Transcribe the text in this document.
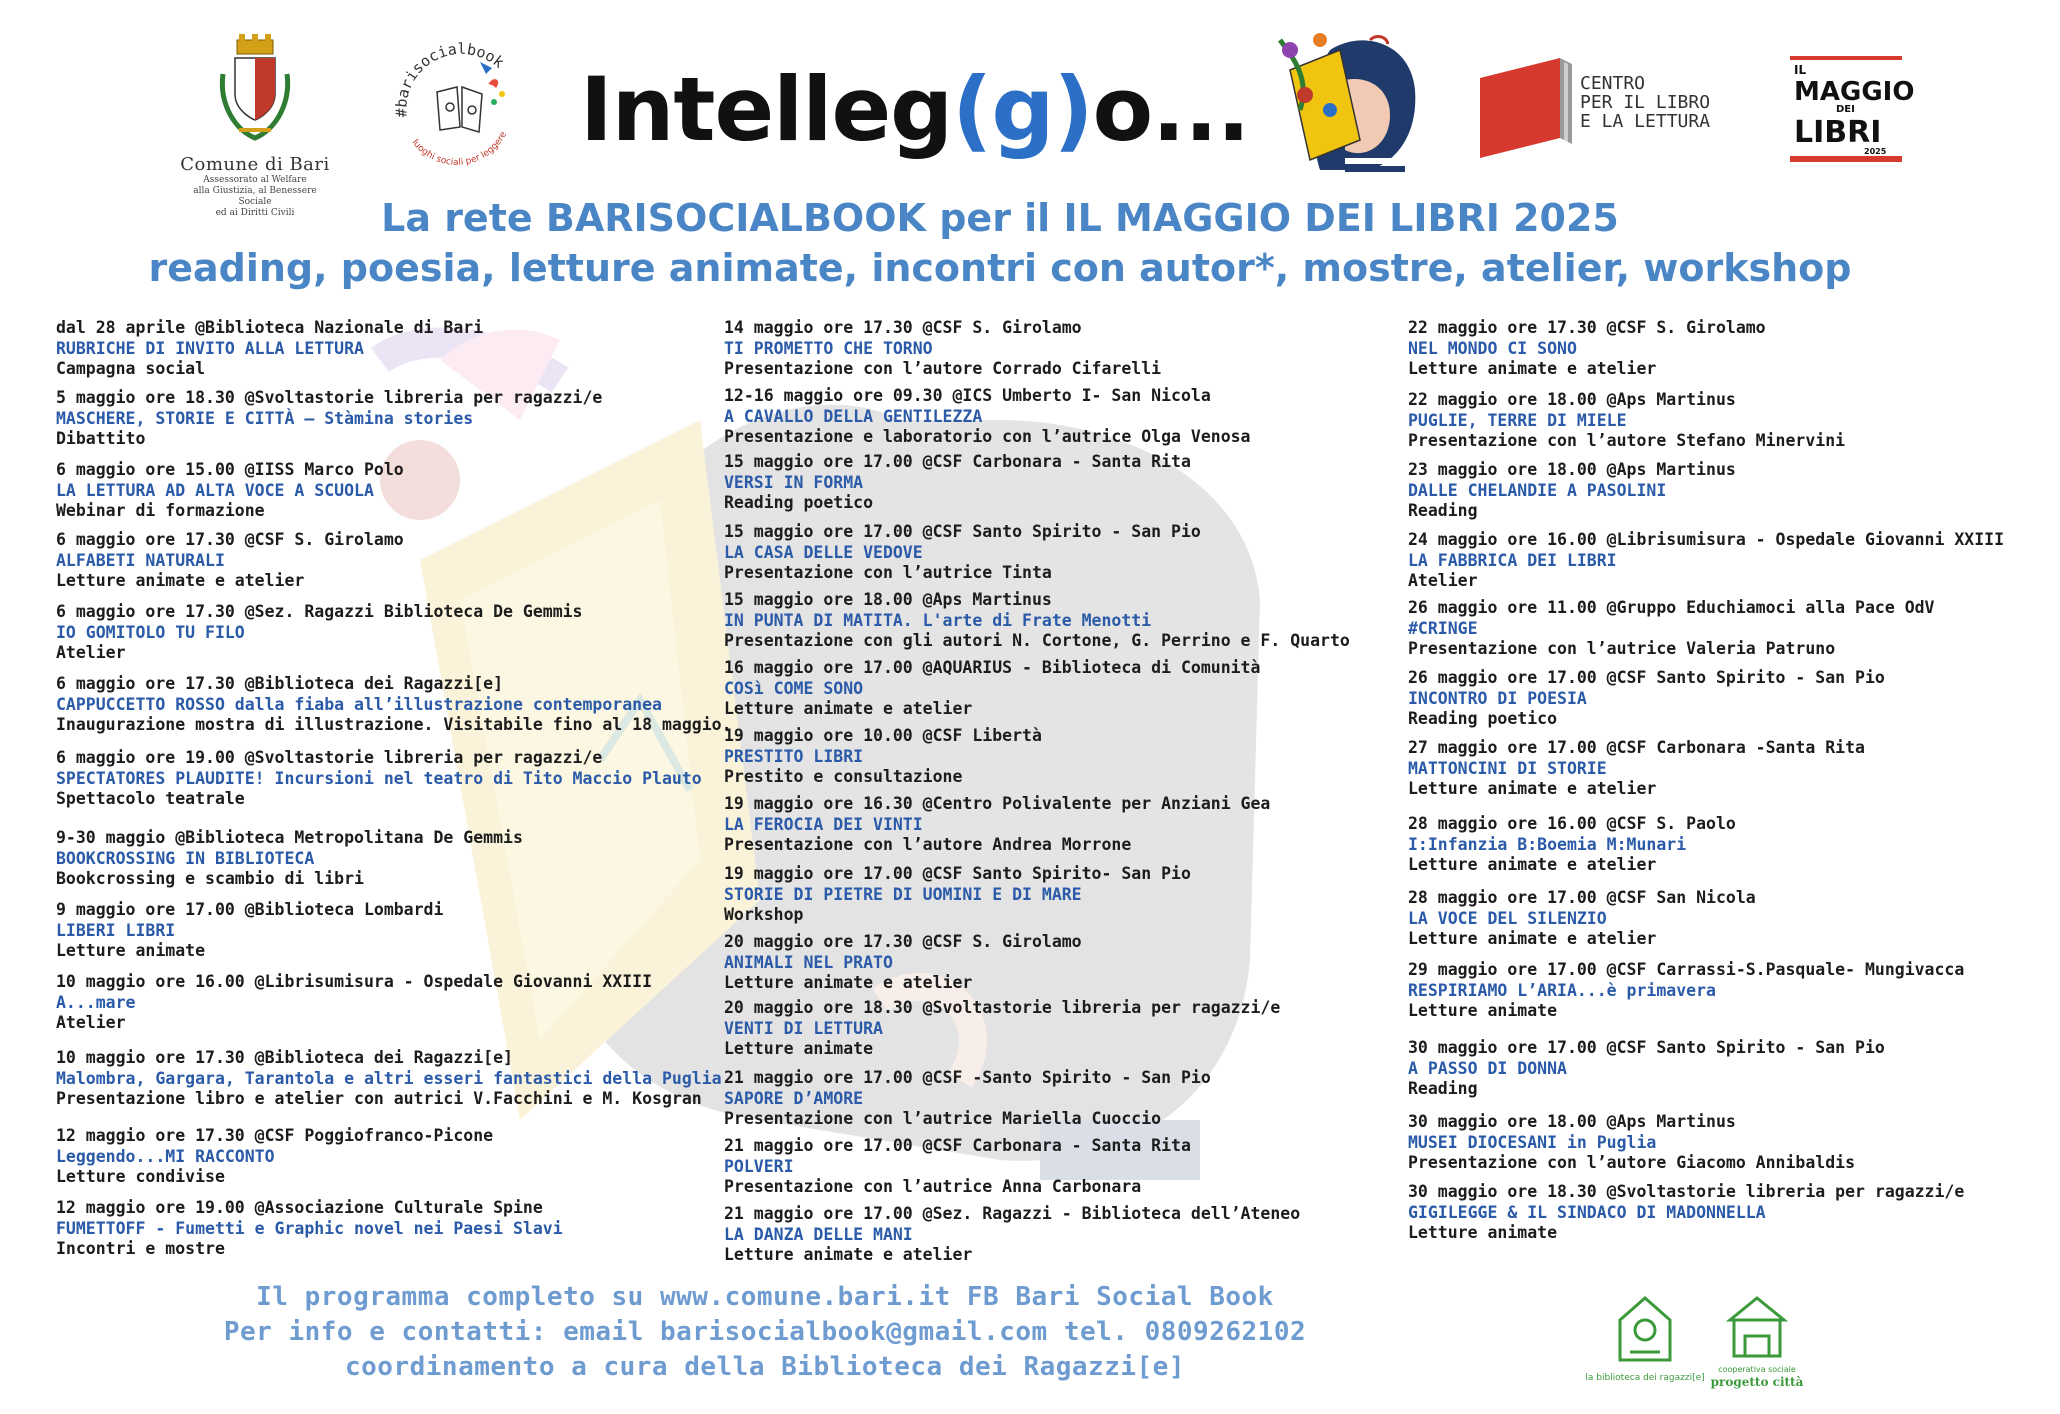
Comune di Bari
Assessorato al Welfare
alla Giustizia, al Benessere Sociale
ed ai Diritti Civili
#barisocialbook
luoghi sociali per leggere Intelleg(g)o...	CENTRO
PER IL LIBRO
E LA LETTURA
IL
MAGGIO
DEI
LIBRI
2025
La rete BARISOCIALBOOK per il IL MAGGIO DEI LIBRI 2025
reading, poesia, letture animate, incontri con autor*, mostre, atelier, workshop
dal 28 aprile @Biblioteca Nazionale di Bari
RUBRICHE DI INVITO ALLA LETTURA
Campagna social
5 maggio ore 18.30 @Svoltastorie libreria per ragazzi/e
MASCHERE, STORIE E CITTÀ – Stàmina stories
Dibattito
6 maggio ore 15.00 @IISS Marco Polo
LA LETTURA AD ALTA VOCE A SCUOLA
Webinar di formazione
6 maggio ore 17.30 @CSF S. Girolamo
ALFABETI NATURALI
Letture animate e atelier
6 maggio ore 17.30 @Sez. Ragazzi Biblioteca De Gemmis
IO GOMITOLO TU FILO
Atelier
6 maggio ore 17.30 @Biblioteca dei Ragazzi[e]
CAPPUCCETTO ROSSO dalla fiaba all’illustrazione contemporanea
Inaugurazione mostra di illustrazione. Visitabile fino al 18 maggio.
6 maggio ore 19.00 @Svoltastorie libreria per ragazzi/e
SPECTATORES PLAUDITE! Incursioni nel teatro di Tito Maccio Plauto
Spettacolo teatrale
9-30 maggio @Biblioteca Metropolitana De Gemmis
BOOKCROSSING IN BIBLIOTECA
Bookcrossing e scambio di libri
9 maggio ore 17.00 @Biblioteca Lombardi
LIBERI LIBRI
Letture animate
10 maggio ore 16.00 @Librisumisura - Ospedale Giovanni XXIII
A...mare
Atelier
10 maggio ore 17.30 @Biblioteca dei Ragazzi[e]
Malombra, Gargara, Tarantola e altri esseri fantastici della Puglia
Presentazione libro e atelier con autrici V.Facchini e M. Kosgran
12 maggio ore 17.30 @CSF Poggiofranco-Picone
Leggendo...MI RACCONTO
Letture condivise
12 maggio ore 19.00 @Associazione Culturale Spine
FUMETTOFF - Fumetti e Graphic novel nei Paesi Slavi
Incontri e mostre
14 maggio ore 17.30 @CSF S. Girolamo
TI PROMETTO CHE TORNO
Presentazione con l’autore Corrado Cifarelli
12-16 maggio ore 09.30 @ICS Umberto I- San Nicola
A CAVALLO DELLA GENTILEZZA
Presentazione e laboratorio con l’autrice Olga Venosa
15 maggio ore 17.00 @CSF Carbonara - Santa Rita
VERSI IN FORMA
Reading poetico
15 maggio ore 17.00 @CSF Santo Spirito - San Pio
LA CASA DELLE VEDOVE
Presentazione con l’autrice Tinta
15 maggio ore 18.00 @Aps Martinus
IN PUNTA DI MATITA. L'arte di Frate Menotti
Presentazione con gli autori N. Cortone, G. Perrino e F. Quarto
16 maggio ore 17.00 @AQUARIUS - Biblioteca di Comunità
COSì COME SONO
Letture animate e atelier
19 maggio ore 10.00 @CSF Libertà
PRESTITO LIBRI
Prestito e consultazione
19 maggio ore 16.30 @Centro Polivalente per Anziani Gea
LA FEROCIA DEI VINTI
Presentazione con l’autore Andrea Morrone
19 maggio ore 17.00 @CSF Santo Spirito- San Pio
STORIE DI PIETRE DI UOMINI E DI MARE
Workshop
20 maggio ore 17.30 @CSF S. Girolamo
ANIMALI NEL PRATO
Letture animate e atelier
20 maggio ore 18.30 @Svoltastorie libreria per ragazzi/e
VENTI DI LETTURA
Letture animate
21 maggio ore 17.00 @CSF -Santo Spirito - San Pio
SAPORE D’AMORE
Presentazione con l’autrice Mariella Cuoccio
21 maggio ore 17.00 @CSF Carbonara - Santa Rita
POLVERI
Presentazione con l’autrice Anna Carbonara
21 maggio ore 17.00 @Sez. Ragazzi - Biblioteca dell’Ateneo
LA DANZA DELLE MANI
Letture animate e atelier
22 maggio ore 17.30 @CSF S. Girolamo
NEL MONDO CI SONO
Letture animate e atelier
22 maggio ore 18.00 @Aps Martinus
PUGLIE, TERRE DI MIELE
Presentazione con l’autore Stefano Minervini
23 maggio ore 18.00 @Aps Martinus
DALLE CHELANDIE A PASOLINI
Reading
24 maggio ore 16.00 @Librisumisura - Ospedale Giovanni XXIII
LA FABBRICA DEI LIBRI
Atelier
26 maggio ore 11.00 @Gruppo Educhiamoci alla Pace OdV
#CRINGE
Presentazione con l’autrice Valeria Patruno
26 maggio ore 17.00 @CSF Santo Spirito - San Pio
INCONTRO DI POESIA
Reading poetico
27 maggio ore 17.00 @CSF Carbonara -Santa Rita
MATTONCINI DI STORIE
Letture animate e atelier
28 maggio ore 16.00 @CSF S. Paolo
I:Infanzia B:Boemia M:Munari
Letture animate e atelier
28 maggio ore 17.00 @CSF San Nicola
LA VOCE DEL SILENZIO
Letture animate e atelier
29 maggio ore 17.00 @CSF Carrassi-S.Pasquale- Mungivacca
RESPIRIAMO L’ARIA...è primavera
Letture animate
30 maggio ore 17.00 @CSF Santo Spirito - San Pio
A PASSO DI DONNA
Reading
30 maggio ore 18.00 @Aps Martinus
MUSEI DIOCESANI in Puglia
Presentazione con l’autore Giacomo Annibaldis
30 maggio ore 18.30 @Svoltastorie libreria per ragazzi/e
GIGILEGGE & IL SINDACO DI MADONNELLA
Letture animate
Il programma completo su www.comune.bari.it FB Bari Social Book
Per info e contatti: email barisocialbook@gmail.com tel. 0809262102
coordinamento a cura della Biblioteca dei Ragazzi[e]	la biblioteca dei ragazzi[e]
cooperativa sociale
progetto città
